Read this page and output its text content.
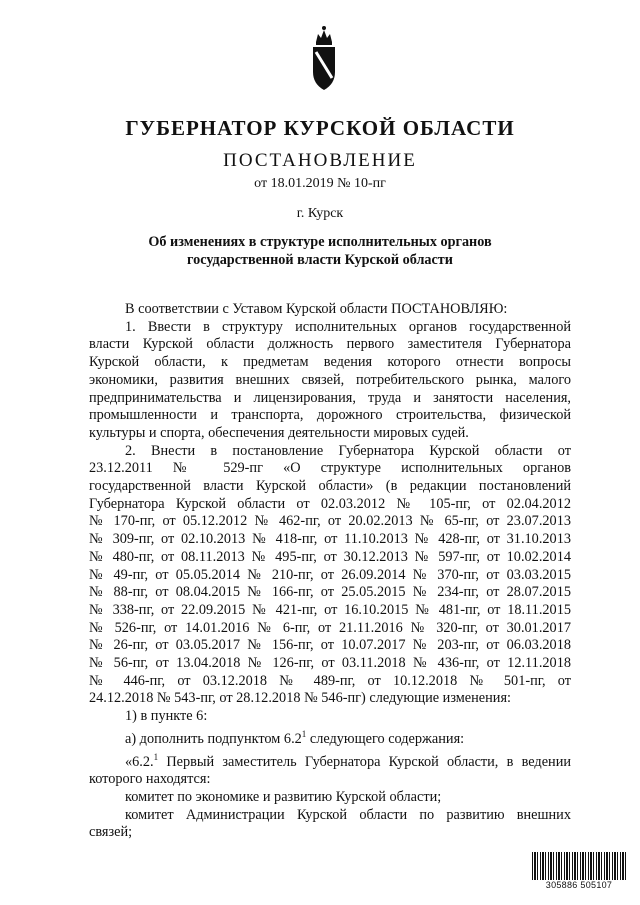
ГУБЕРНАТОР КУРСКОЙ ОБЛАСТИ
ПОСТАНОВЛЕНИЕ
от 18.01.2019 № 10-пг
г. Курск
Об изменениях в структуре исполнительных органов
государственной власти Курской области

В соответствии с Уставом Курской области ПОСТАНОВЛЯЮ:

1. Ввести в структуру исполнительных органов государственной

власти Курской области должность первого заместителя Губернатора

Курской области, к предметам ведения которого отнести вопросы

экономики, развития внешних связей, потребительского рынка, малого

предпринимательства и лицензирования, труда и занятости населения,

промышленности и транспорта, дорожного строительства, физической

культуры и спорта, обеспечения деятельности мировых судей.

2. Внести в постановление Губернатора Курской области от

23.12.2011 № 529-пг «О структуре исполнительных органов

государственной власти Курской области» (в редакции постановлений

Губернатора Курской области от 02.03.2012 № 105-пг, от 02.04.2012

№ 170-пг, от 05.12.2012 № 462-пг, от 20.02.2013 № 65-пг, от 23.07.2013

№ 309-пг, от 02.10.2013 № 418-пг, от 11.10.2013 № 428-пг, от 31.10.2013

№ 480-пг, от 08.11.2013 № 495-пг, от 30.12.2013 № 597-пг, от 10.02.2014

№ 49-пг, от 05.05.2014 № 210-пг, от 26.09.2014 № 370-пг, от 03.03.2015

№ 88-пг, от 08.04.2015 № 166-пг, от 25.05.2015 № 234-пг, от 28.07.2015

№ 338-пг, от 22.09.2015 № 421-пг, от 16.10.2015 № 481-пг, от 18.11.2015

№ 526-пг, от 14.01.2016 № 6-пг, от 21.11.2016 № 320-пг, от 30.01.2017

№ 26-пг, от 03.05.2017 № 156-пг, от 10.07.2017 № 203-пг, от 06.03.2018

№ 56-пг, от 13.04.2018 № 126-пг, от 03.11.2018 № 436-пг, от 12.11.2018

№ 446-пг, от 03.12.2018 № 489-пг, от 10.12.2018 № 501-пг, от

24.12.2018 № 543-пг, от 28.12.2018 № 546-пг) следующие изменения:

1) в пункте 6:

а) дополнить подпунктом $6.2^1$ следующего содержания:

«6.2.$^1$ Первый заместитель Губернатора Курской области, в ведении

которого находятся:

комитет по экономике и развитию Курской области;

комитет Администрации Курской области по развитию внешних

связей;

305886 505107
